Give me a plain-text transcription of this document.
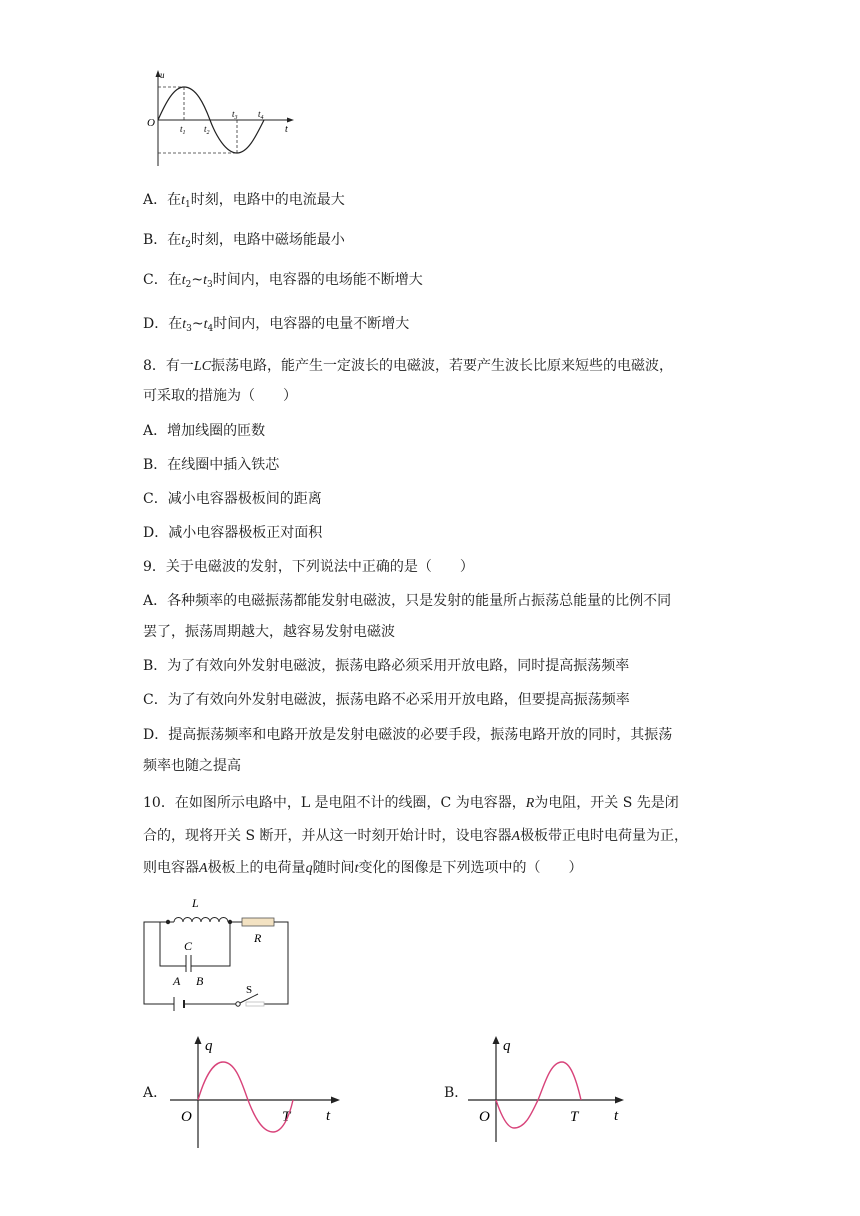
u
t
O	$t_1$ $t_2$
$t_3$ $t_4$
A．在$t_1$时刻，电路中的电流最大
B．在$t_2$时刻，电路中磁场能最小
C．在$t_2\sim t_3$时间内，电容器的电场能不断增大
D．在$t_3\sim t_4$时间内，电容器的电量不断增大
8．有一LC振荡电路，能产生一定波长的电磁波，若要产生波长比原来短些的电磁波，
可采取的措施为（　　）
A．增加线圈的匝数
B．在线圈中插入铁芯
C．减小电容器极板间的距离
D．减小电容器极板正对面积
9．关于电磁波的发射，下列说法中正确的是（　　）
A．各种频率的电磁振荡都能发射电磁波，只是发射的能量所占振荡总能量的比例不同
罢了，振荡周期越大，越容易发射电磁波
B．为了有效向外发射电磁波，振荡电路必须采用开放电路，同时提高振荡频率
C．为了有效向外发射电磁波，振荡电路不必采用开放电路，但要提高振荡频率
D．提高振荡频率和电路开放是发射电磁波的必要手段，振荡电路开放的同时，其振荡
频率也随之提高
10．在如图所示电路中，L 是电阻不计的线圈，C 为电容器，R为电阻，开关 S 先是闭
合的，现将开关 S 断开，并从这一时刻开始计时，设电容器A极板带正电时电荷量为正，
则电容器A极板上的电荷量q随时间t变化的图像是下列选项中的（　　）
S
L
R
C
A B
A．
q
t
O	T
B．
q
t
O	T
